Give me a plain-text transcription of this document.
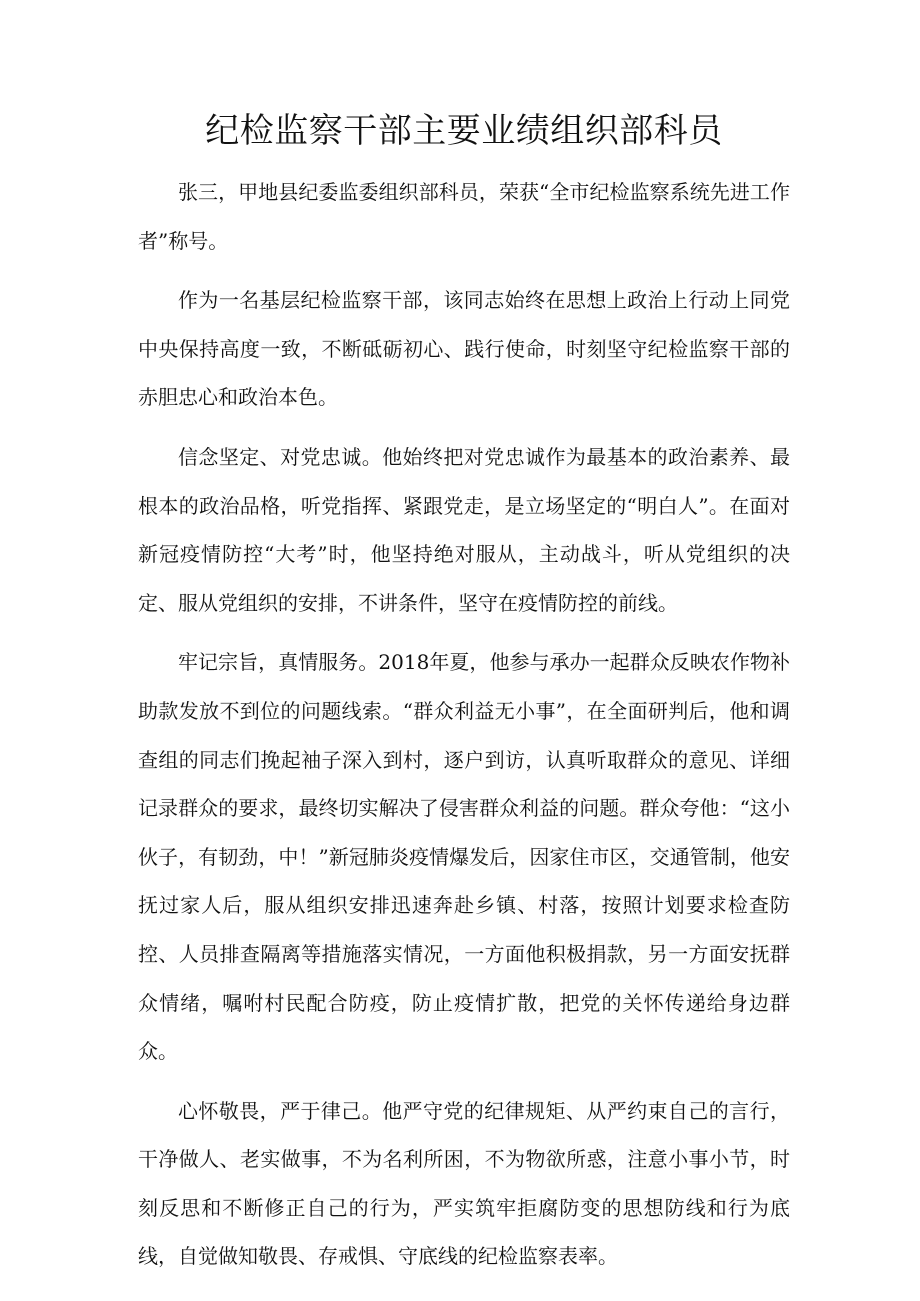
纪检监察干部主要业绩组织部科员

张三，甲地县纪委监委组织部科员，荣获“全市纪检监察系统先进工作者”称号。

作为一名基层纪检监察干部，该同志始终在思想上政治上行动上同党中央保持高度一致，不断砥砺初心、践行使命，时刻坚守纪检监察干部的赤胆忠心和政治本色。

信念坚定、对党忠诚。他始终把对党忠诚作为最基本的政治素养、最根本的政治品格，听党指挥、紧跟党走，是立场坚定的“明白人”。在面对新冠疫情防控“大考”时，他坚持绝对服从，主动战斗，听从党组织的决定、服从党组织的安排，不讲条件，坚守在疫情防控的前线。

牢记宗旨，真情服务。2018年夏，他参与承办一起群众反映农作物补助款发放不到位的问题线索。“群众利益无小事”，在全面研判后，他和调查组的同志们挽起袖子深入到村，逐户到访，认真听取群众的意见、详细记录群众的要求，最终切实解决了侵害群众利益的问题。群众夸他：“这小伙子，有韧劲，中！”新冠肺炎疫情爆发后，因家住市区，交通管制，他安抚过家人后，服从组织安排迅速奔赴乡镇、村落，按照计划要求检查防控、人员排查隔离等措施落实情况，一方面他积极捐款，另一方面安抚群众情绪，嘱咐村民配合防疫，防止疫情扩散，把党的关怀传递给身边群众。

心怀敬畏，严于律己。他严守党的纪律规矩、从严约束自己的言行，干净做人、老实做事，不为名利所困，不为物欲所惑，注意小事小节，时刻反思和不断修正自己的行为，严实筑牢拒腐防变的思想防线和行为底线，自觉做知敬畏、存戒惧、守底线的纪检监察表率。
